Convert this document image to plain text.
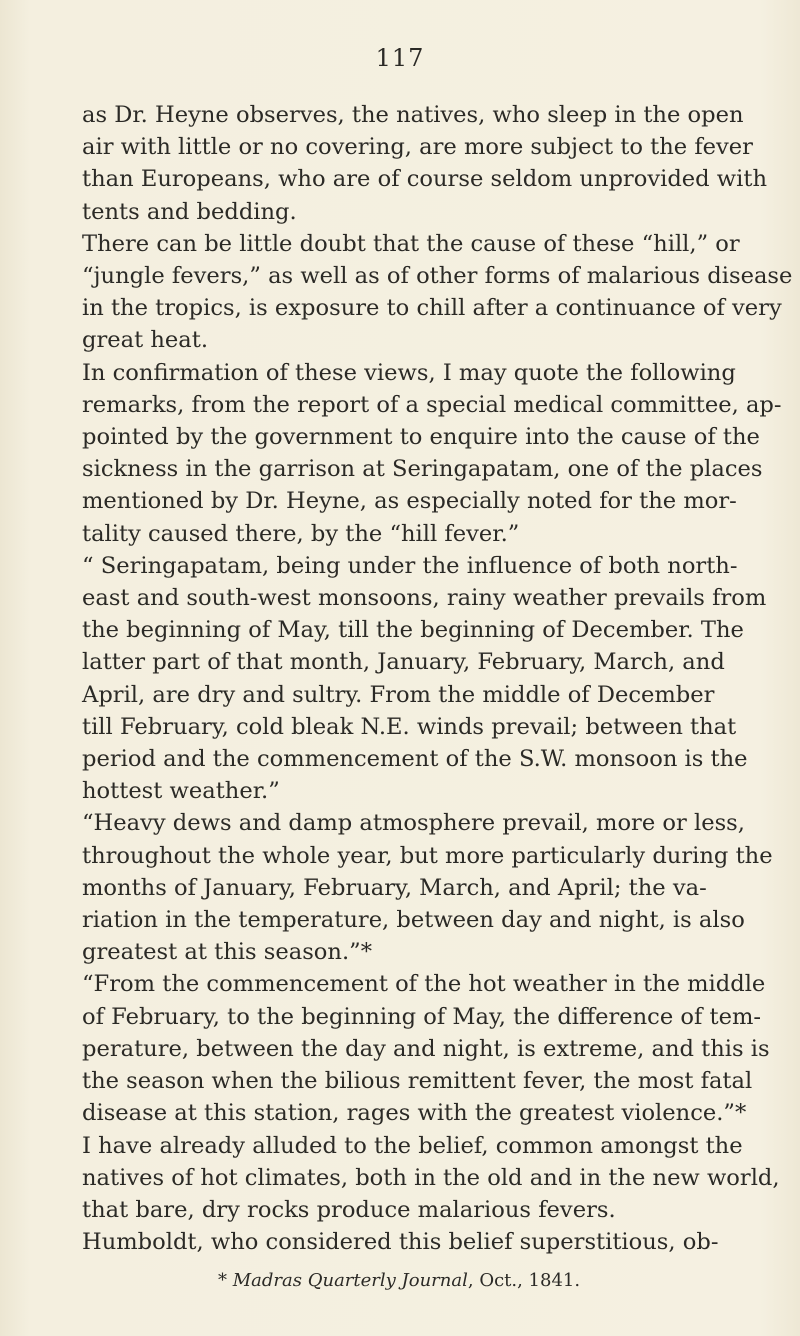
117

as Dr. Heyne observes, the natives, who sleep in the open
air with little or no covering, are more subject to the fever
than Europeans, who are of course seldom unprovided with
tents and bedding.

There can be little doubt that the cause of these “hill,” or
“jungle fevers,” as well as of other forms of malarious disease
in the tropics, is exposure to chill after a continuance of very
great heat.

In confirmation of these views, I may quote the following
remarks, from the report of a special medical committee, ap-
pointed by the government to enquire into the cause of the
sickness in the garrison at Seringapatam, one of the places
mentioned by Dr. Heyne, as especially noted for the mor-
tality caused there, by the “hill fever.”

“ Seringapatam, being under the influence of both north-
east and south-west monsoons, rainy weather prevails from
the beginning of May, till the beginning of December. The
latter part of that month, January, February, March, and
April, are dry and sultry. From the middle of December
till February, cold bleak N.E. winds prevail; between that
period and the commencement of the S.W. monsoon is the
hottest weather.”

“Heavy dews and damp atmosphere prevail, more or less,
throughout the whole year, but more particularly during the
months of January, February, March, and April; the va-
riation in the temperature, between day and night, is also
greatest at this season.”*

“From the commencement of the hot weather in the middle
of February, to the beginning of May, the difference of tem-
perature, between the day and night, is extreme, and this is
the season when the bilious remittent fever, the most fatal
disease at this station, rages with the greatest violence.”*

I have already alluded to the belief, common amongst the
natives of hot climates, both in the old and in the new world,
that bare, dry rocks produce malarious fevers.

Humboldt, who considered this belief superstitious, ob-

* Madras Quarterly Journal, Oct., 1841.
